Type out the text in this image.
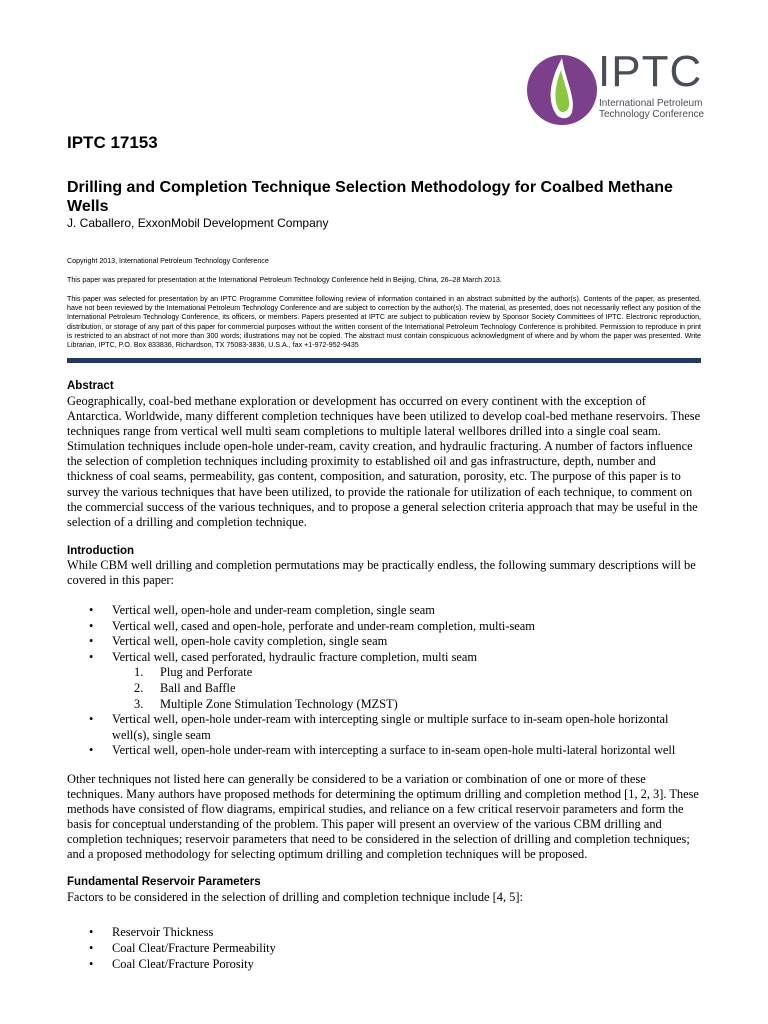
IPTC
International Petroleum
Technology Conference
IPTC 17153
Drilling and Completion Technique Selection Methodology for Coalbed Methane Wells
J. Caballero, ExxonMobil Development Company

Copyright 2013, International Petroleum Technology Conference

This paper was prepared for presentation at the International Petroleum Technology Conference held in Beijing, China, 26–28 March 2013.

This paper was selected for presentation by an IPTC Programme Committee following review of information contained in an abstract submitted by the author(s). Contents of the paper, as presented, have not been reviewed by the International Petroleum Technology Conference and are subject to correction by the author(s). The material, as presented, does not necessarily reflect any position of the International Petroleum Technology Conference, its officers, or members. Papers presented at IPTC are subject to publication review by Sponsor Society Committees of IPTC. Electronic reproduction, distribution, or storage of any part of this paper for commercial purposes without the written consent of the International Petroleum Technology Conference is prohibited. Permission to reproduce in print is restricted to an abstract of not more than 300 words; illustrations may not be copied. The abstract must contain conspicuous acknowledgment of where and by whom the paper was presented. Write Librarian, IPTC, P.O. Box 833836, Richardson, TX 75083-3836, U.S.A., fax +1-972-952-9435

Abstract

Geographically, coal-bed methane exploration or development has occurred on every continent with the exception of Antarctica. Worldwide, many different completion techniques have been utilized to develop coal-bed methane reservoirs. These techniques range from vertical well multi seam completions to multiple lateral wellbores drilled into a single coal seam. Stimulation techniques include open-hole under-ream, cavity creation, and hydraulic fracturing. A number of factors influence the selection of completion techniques including proximity to established oil and gas infrastructure, depth, number and thickness of coal seams, permeability, gas content, composition, and saturation, porosity, etc. The purpose of this paper is to survey the various techniques that have been utilized, to provide the rationale for utilization of each technique, to comment on the commercial success of the various techniques, and to propose a general selection criteria approach that may be useful in the selection of a drilling and completion technique.

Introduction

While CBM well drilling and completion permutations may be practically endless, the following summary descriptions will be covered in this paper:

• Vertical well, open-hole and under-ream completion, single seam
• Vertical well, cased and open-hole, perforate and under-ream completion, multi-seam
• Vertical well, open-hole cavity completion, single seam
• Vertical well, cased perforated, hydraulic fracture completion, multi seam
1. Plug and Perforate
2. Ball and Baffle
3. Multiple Zone Stimulation Technology (MZST)
• Vertical well, open-hole under-ream with intercepting single or multiple surface to in-seam open-hole horizontal well(s), single seam
• Vertical well, open-hole under-ream with intercepting a surface to in-seam open-hole multi-lateral horizontal well

Other techniques not listed here can generally be considered to be a variation or combination of one or more of these techniques. Many authors have proposed methods for determining the optimum drilling and completion method [1, 2, 3]. These methods have consisted of flow diagrams, empirical studies, and reliance on a few critical reservoir parameters and form the basis for conceptual understanding of the problem. This paper will present an overview of the various CBM drilling and completion techniques; reservoir parameters that need to be considered in the selection of drilling and completion techniques; and a proposed methodology for selecting optimum drilling and completion techniques will be proposed.

Fundamental Reservoir Parameters

Factors to be considered in the selection of drilling and completion technique include [4, 5]:

• Reservoir Thickness
• Coal Cleat/Fracture Permeability
• Coal Cleat/Fracture Porosity
